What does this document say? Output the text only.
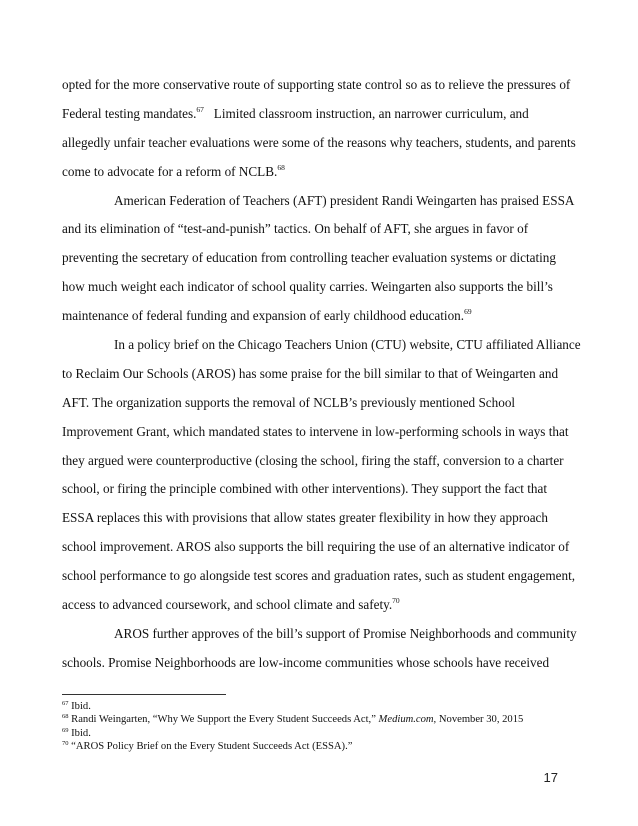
opted for the more conservative route of supporting state control so as to relieve the pressures of
Federal testing mandates.$^{67}$ Limited classroom instruction, an narrower curriculum, and
allegedly unfair teacher evaluations were some of the reasons why teachers, students, and parents
come to advocate for a reform of NCLB.$^{68}$
American Federation of Teachers (AFT) president Randi Weingarten has praised ESSA
and its elimination of “test-and-punish” tactics. On behalf of AFT, she argues in favor of
preventing the secretary of education from controlling teacher evaluation systems or dictating
how much weight each indicator of school quality carries. Weingarten also supports the bill’s
maintenance of federal funding and expansion of early childhood education.$^{69}$
In a policy brief on the Chicago Teachers Union (CTU) website, CTU affiliated Alliance
to Reclaim Our Schools (AROS) has some praise for the bill similar to that of Weingarten and
AFT. The organization supports the removal of NCLB’s previously mentioned School
Improvement Grant, which mandated states to intervene in low-performing schools in ways that
they argued were counterproductive (closing the school, firing the staff, conversion to a charter
school, or firing the principle combined with other interventions). They support the fact that
ESSA replaces this with provisions that allow states greater flexibility in how they approach
school improvement. AROS also supports the bill requiring the use of an alternative indicator of
school performance to go alongside test scores and graduation rates, such as student engagement,
access to advanced coursework, and school climate and safety.$^{70}$
AROS further approves of the bill’s support of Promise Neighborhoods and community
schools. Promise Neighborhoods are low-income communities whose schools have received
$^{67}$ Ibid.
$^{68}$ Randi Weingarten, “Why We Support the Every Student Succeeds Act,” Medium.com, November 30, 2015
$^{69}$ Ibid.
$^{70}$ “AROS Policy Brief on the Every Student Succeeds Act (ESSA).”
17
